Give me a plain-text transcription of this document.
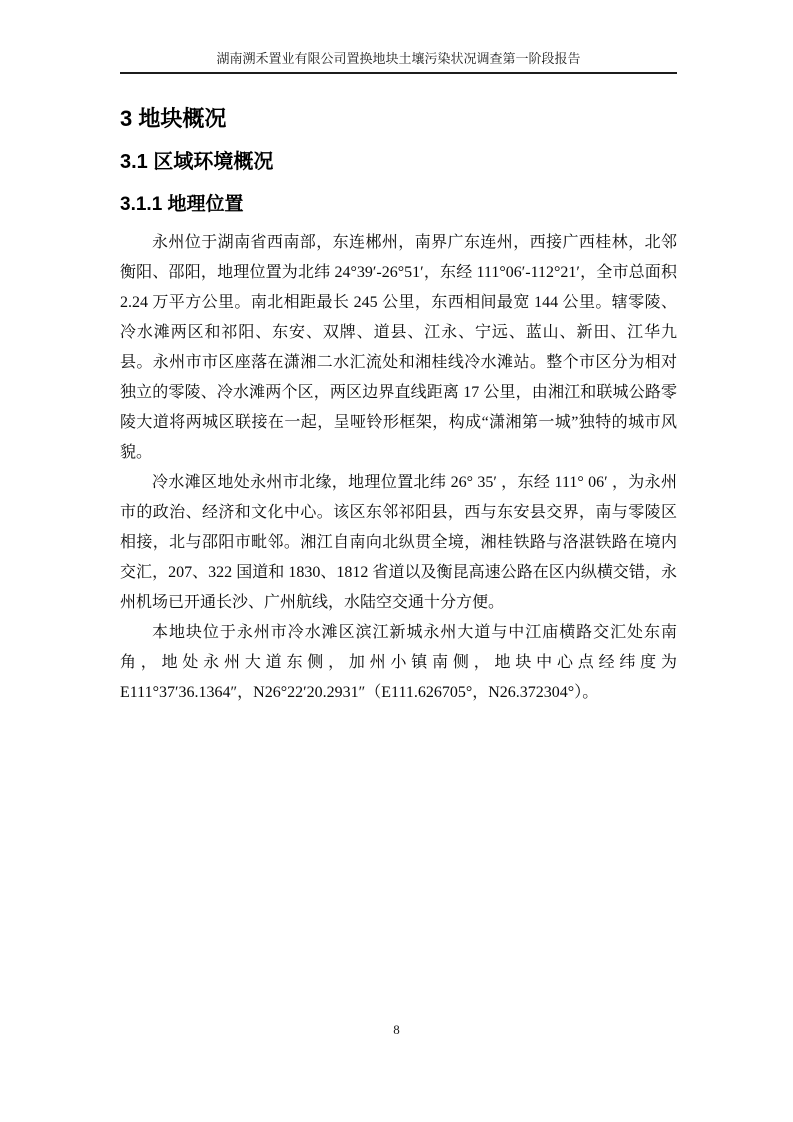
湖南溯禾置业有限公司置换地块土壤污染状况调查第一阶段报告
3 地块概况
3.1 区域环境概况
3.1.1 地理位置

永州位于湖南省西南部，东连郴州，南界广东连州，西接广西桂林，北邻衡阳、邵阳，地理位置为北纬 24°39′-26°51′，东经 111°06′-112°21′，全市总面积 2.24 万平方公里。南北相距最长 245 公里，东西相间最宽 144 公里。辖零陵、冷水滩两区和祁阳、东安、双牌、道县、江永、宁远、蓝山、新田、江华九县。永州市市区座落在潇湘二水汇流处和湘桂线冷水滩站。整个市区分为相对独立的零陵、冷水滩两个区，两区边界直线距离 17 公里，由湘江和联城公路零陵大道将两城区联接在一起，呈哑铃形框架，构成“潇湘第一城”独特的城市风貌。

冷水滩区地处永州市北缘，地理位置北纬 26° 35′ ，东经 111° 06′ ，为永州市的政治、经济和文化中心。该区东邻祁阳县，西与东安县交界，南与零陵区相接，北与邵阳市毗邻。湘江自南向北纵贯全境，湘桂铁路与洛湛铁路在境内交汇，207、322 国道和 1830、1812 省道以及衡昆高速公路在区内纵横交错，永州机场已开通长沙、广州航线，水陆空交通十分方便。

本地块位于永州市冷水滩区滨江新城永州大道与中江庙横路交汇处东南角，地处永州大道东侧，加州小镇南侧，地块中心点经纬度为 E111°37′36.1364″，N26°22′20.2931″（E111.626705°，N26.372304°）。

8
